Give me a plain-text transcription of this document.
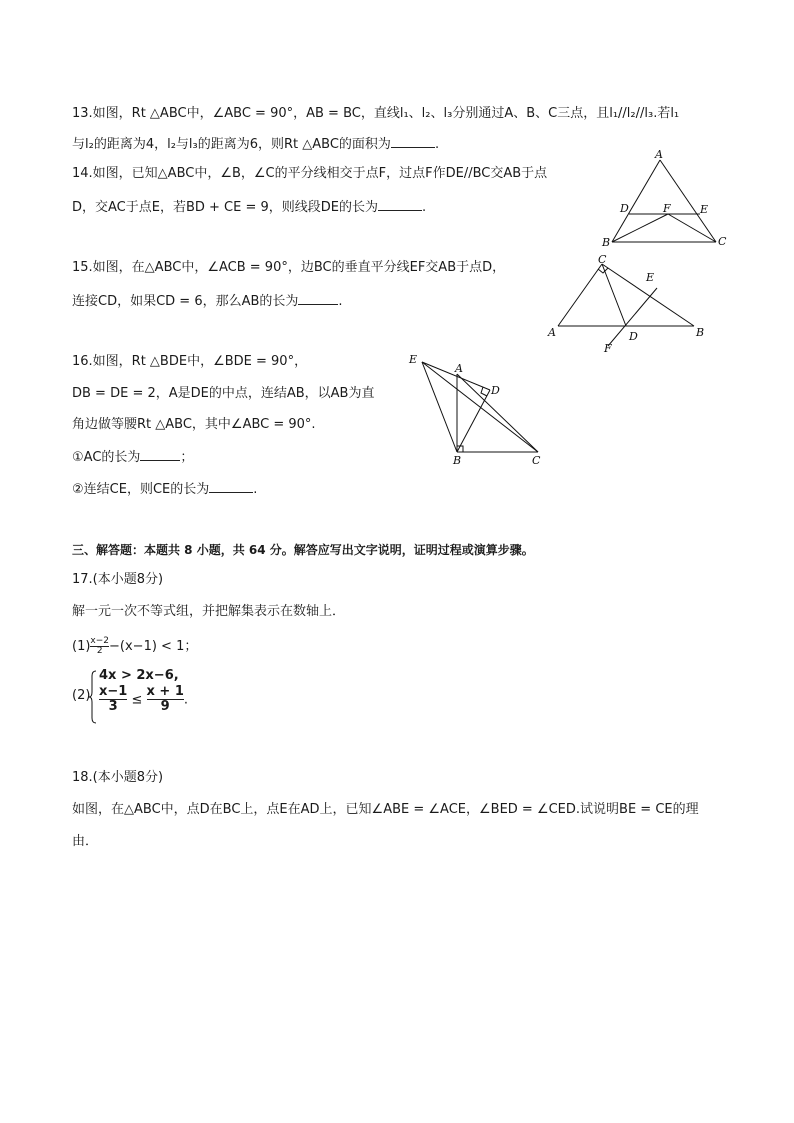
13.如图，Rt △ABC中，∠ABC = 90°，AB = BC，直线l₁、l₂、l₃分别通过A、B、C三点，且l₁//l₂//l₃.若l₁
与l₂的距离为4，l₂与l₃的距离为6，则Rt △ABC的面积为	.
14.如图，已知△ABC中，∠B，∠C的平分线相交于点F，过点F作DE//BC交AB于点
D，交AC于点E，若BD + CE = 9，则线段DE的长为	.
A
D	F	E
B	C
15.如图，在△ABC中，∠ACB = 90°，边BC的垂直平分线EF交AB于点D，
连接CD，如果CD = 6，那么AB的长为	.
C
E
A	D	B
F
16.如图，Rt △BDE中，∠BDE = 90°，
DB = DE = 2，A是DE的中点，连结AB，以AB为直
角边做等腰Rt △ABC，其中∠ABC = 90°.
①AC的长为	；
②连结CE，则CE的长为	.
E
A
D
B	C
三、解答题：本题共 8 小题，共 64 分。解答应写出文字说明，证明过程或演算步骤。
17.(本小题8分)
解一元一次不等式组，并把解集表示在数轴上．
$(1) \frac{x-2}{2} -(x-1) < 1$；
(2)
4x > 2x−6,
$\frac{x-1}{3} \le \frac{x + 1}{9}$ .
18.(本小题8分)
如图，在△ABC中，点D在BC上，点E在AD上，已知∠ABE = ∠ACE，∠BED = ∠CED.试说明BE = CE的理
由．
